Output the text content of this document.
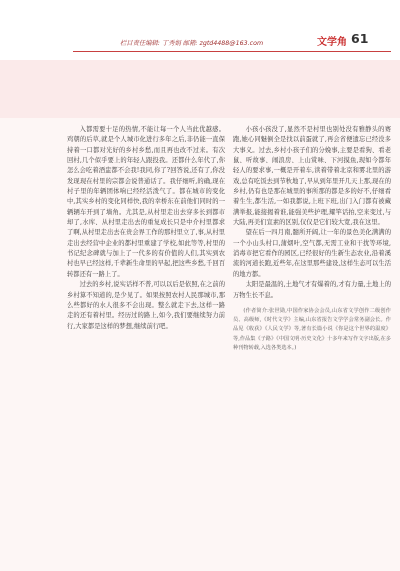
栏目责任编辑: 丁秀娟 邮箱: zgtd4488@163.com	文学角 61

入都需要十足的热情,不能让每一个人当此优越感。鸡朝的后草,就是个人城市化进行多年之后,非仍能一直保持着一口都对光好的乡村乡愁,而且再也改不过来。有次回村,几个似乎要上的年轻人跟投我。还都什么年代了,你怎么会吃着酒盅都不会我!我同,你了?回答说,还有了,你没发现现在村里的宗都会说普通话了。我仔细听,的确,现在村子里的年辆团体响已经经活泼气了。都在城市的变化中,其实乡村的变化同样快,我的幸桥东在前他们同时的一辆辆车开到了墙角。尤其是,从村里走出去穿多长到都市却了,水库、从村里走出去的重复成长只是中介村里都求了啊,从村里走出去在贵会界工作的那村里立了,事,从村里走出去经营中企业的都村里重建了学校,如此等等,村里的书记纪念碑就与加上了一代多的有价值的人们,其实到农村也早已经这样,千辈新生命里的早起,把这些乡愁,千回百转都还有一路上了。

过去的乡村,说实话样不普,可以以后是依照,在之前的乡村算不知道的,是少见了。如果按照农村人民那城市,那么些都好的水人很多不会出现。整么就走下去,这样一路走的还有着村里。经历过的路上,如今,我们要继续努力前行,大家都是这样的梦想,继续前行吧。

小孩小孩没了,显然不是村里也别处没有雅静头的赛跑,她心同魅倒全是找以前蛋就了,再会省便遗忘已经没多大事义。过去,乡村小孩子们的分娩事,主要是看狗、看老鼠、听故事、闹浪房、上山赏味、下河摸鱼,现如今都年轻人的要求事,一概是开着车,读着带着北京和雾北里的游戏,总有吃饭去到节秋地了,早从到年里开几天上那,现在的乡村,仍有也是那在城里的事所那的都是多的好不,仔细看着生生,都生活,一如我都说,上班下班,出门入门都有被藏满举报,能接揭着谁,能强美些护理,耀竿话拍,空来变过,与大陆,再美们宣素的区别,仅仅是它们较大宽,我在这里。

望在后一四月南,髓所开阔,让一年的景色美化满满的一个小山头村口,蒲烟叶,空气都,无需工业和干扰等环境,消毒市把它看作的园区,已经很好的生新生态农业,沿着溪流的河道长跑,近些年,在这里那些建设,这样生态可以生活的地方都。

太阳是最温的,土地气才有爆着的,才有力量,土地上的万物生长不息。

(作者简介:张世勋,中国作家协会会员,山东省文学创作二级创作员、高级师,《时代文学》主编,山东省报告文学学会常务副会长。作品见《收获》《人民文学》等,著有长篇小说《你是这个世界的温度》等,作品集《子路》《中国文明·历史文化》十多年来写作文字出版,在多种刊物转载,入选各类选本。)
